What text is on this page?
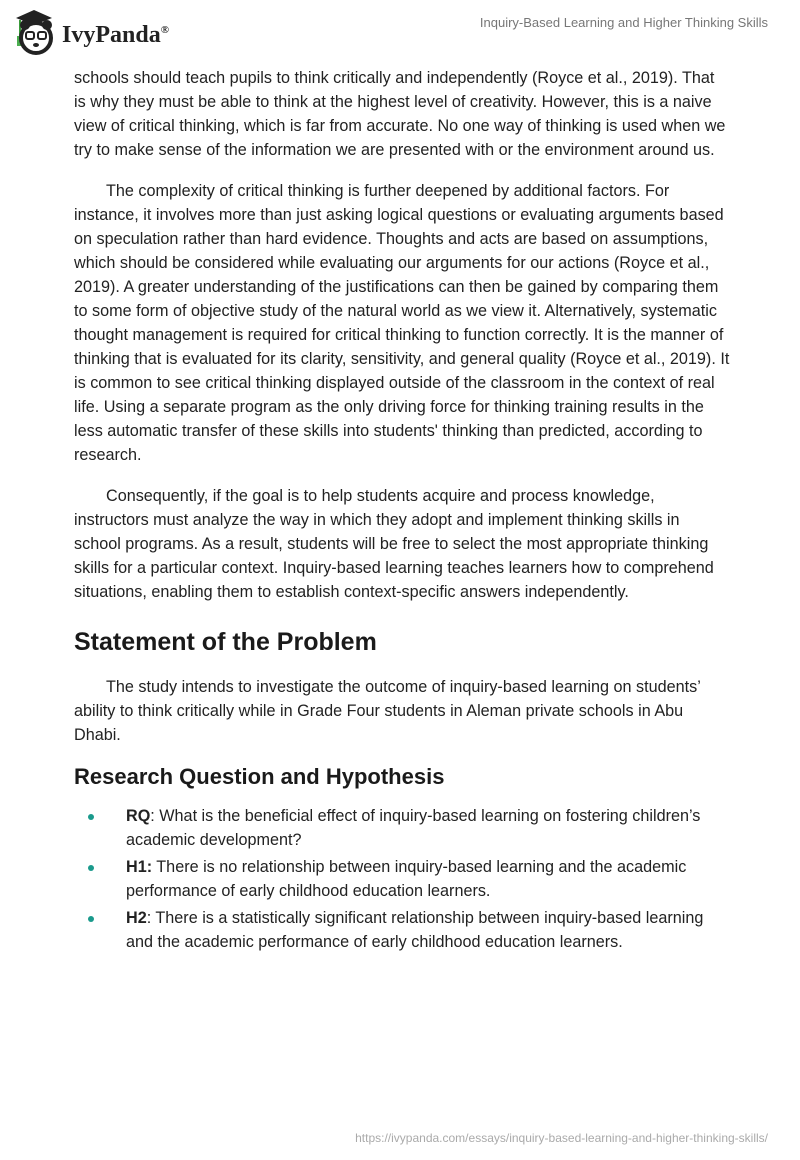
IvyPanda®	Inquiry-Based Learning and Higher Thinking Skills

schools should teach pupils to think critically and independently (Royce et al., 2019). That is why they must be able to think at the highest level of creativity. However, this is a naive view of critical thinking, which is far from accurate. No one way of thinking is used when we try to make sense of the information we are presented with or the environment around us.

The complexity of critical thinking is further deepened by additional factors. For instance, it involves more than just asking logical questions or evaluating arguments based on speculation rather than hard evidence. Thoughts and acts are based on assumptions, which should be considered while evaluating our arguments for our actions (Royce et al., 2019). A greater understanding of the justifications can then be gained by comparing them to some form of objective study of the natural world as we view it. Alternatively, systematic thought management is required for critical thinking to function correctly. It is the manner of thinking that is evaluated for its clarity, sensitivity, and general quality (Royce et al., 2019). It is common to see critical thinking displayed outside of the classroom in the context of real life. Using a separate program as the only driving force for thinking training results in the less automatic transfer of these skills into students' thinking than predicted, according to research.

Consequently, if the goal is to help students acquire and process knowledge, instructors must analyze the way in which they adopt and implement thinking skills in school programs. As a result, students will be free to select the most appropriate thinking skills for a particular context. Inquiry-based learning teaches learners how to comprehend situations, enabling them to establish context-specific answers independently.

Statement of the Problem

The study intends to investigate the outcome of inquiry-based learning on students’ ability to think critically while in Grade Four students in Aleman private schools in Abu Dhabi.

Research Question and Hypothesis
RQ: What is the beneficial effect of inquiry-based learning on fostering children’s academic development?
H1: There is no relationship between inquiry-based learning and the academic performance of early childhood education learners.
H2: There is a statistically significant relationship between inquiry-based learning and the academic performance of early childhood education learners.
https://ivypanda.com/essays/inquiry-based-learning-and-higher-thinking-skills/
